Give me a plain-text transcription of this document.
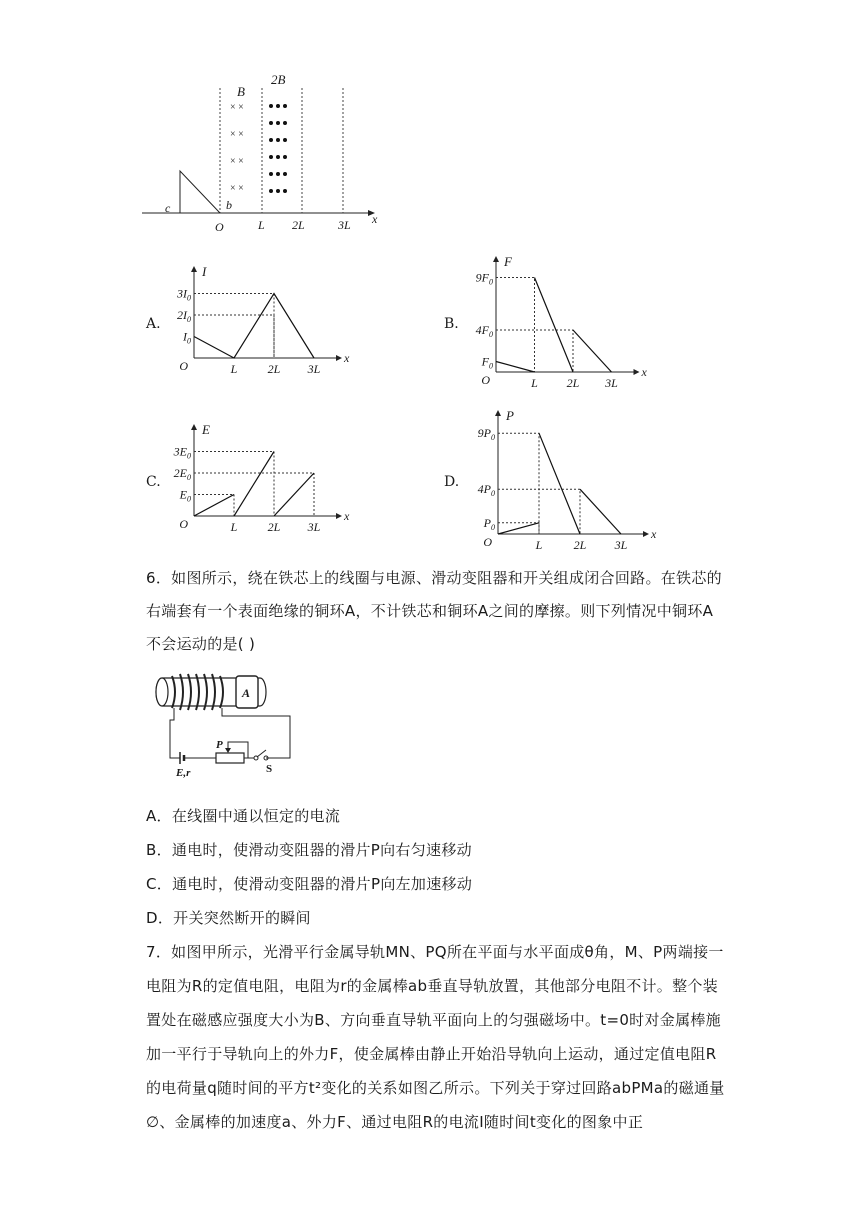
x
B
2B
c	b
O	L 2L	3L
× ×
× ×
× ×
× ×
A.
x
I
O	L	2L 3L
$3I_0$
$2I_0$
$I_0$
B.
x
F
O	L 2L 3L
$9F_0$
$4F_0$
$F_0$
C.
x
E
O	L	2L 3L
$3E_0$
$2E_0$
$E_0$
D.
x
P
O	L	2L 3L
$9P_0$
$4P_0$
$P_0$
6．如图所示，绕在铁芯上的线圈与电源、滑动变阻器和开关组成闭合回路。在铁芯的右端套有一个表面绝缘的铜环A，不计铁芯和铜环A之间的摩擦。则下列情况中铜环A不会运动的是( )
A
E,r
P
S
A．在线圈中通以恒定的电流
B．通电时，使滑动变阻器的滑片P向右匀速移动
C．通电时，使滑动变阻器的滑片P向左加速移动
D．开关突然断开的瞬间
7．如图甲所示，光滑平行金属导轨MN、PQ所在平面与水平面成θ角，M、P两端接一电阻为R的定值电阻，电阻为r的金属棒ab垂直导轨放置，其他部分电阻不计。整个装置处在磁感应强度大小为B、方向垂直导轨平面向上的匀强磁场中。t=0时对金属棒施加一平行于导轨向上的外力F，使金属棒由静止开始沿导轨向上运动，通过定值电阻R的电荷量q随时间的平方t²变化的关系如图乙所示。下列关于穿过回路abPMa的磁通量∅、金属棒的加速度a、外力F、通过电阻R的电流I随时间t变化的图象中正
